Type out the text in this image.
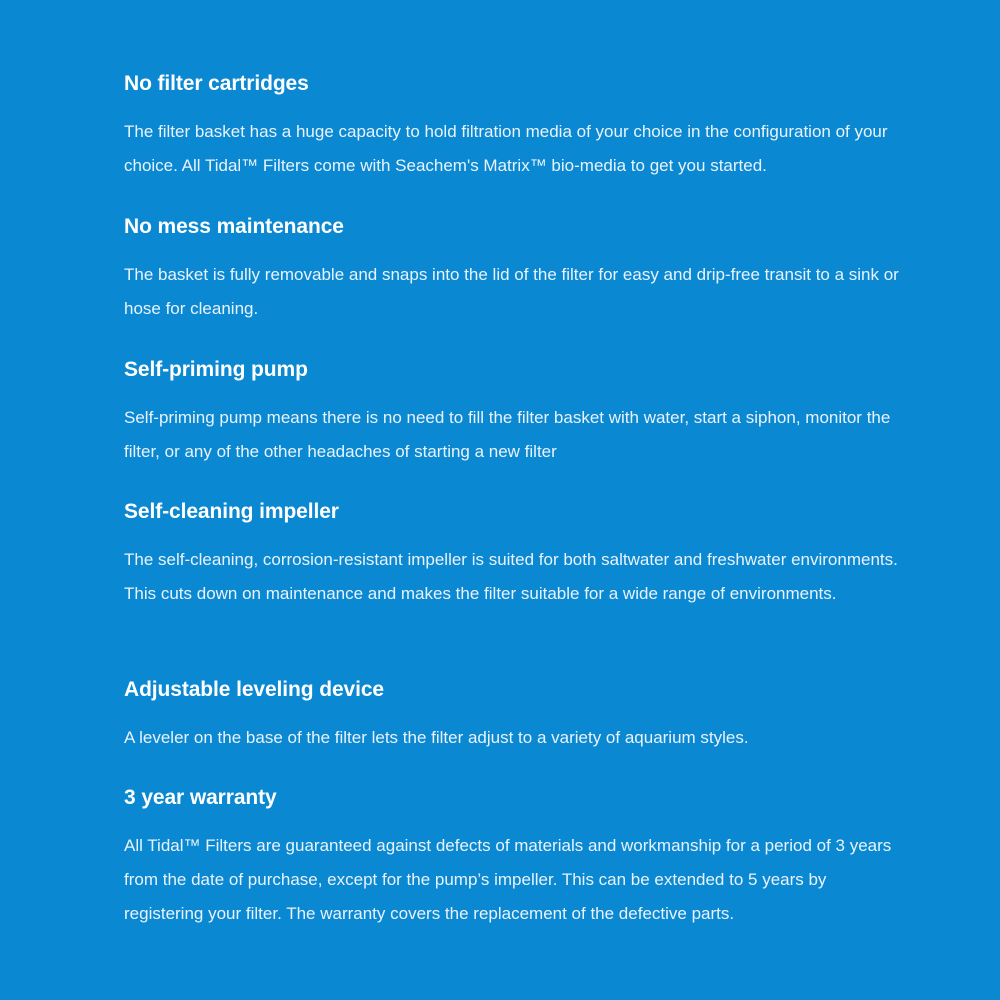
No filter cartridges

The filter basket has a huge capacity to hold filtration media of your choice in the configuration of your choice. All Tidal™ Filters come with Seachem's Matrix™ bio-media to get you started.

No mess maintenance

The basket is fully removable and snaps into the lid of the filter for easy and drip-free transit to a sink or hose for cleaning.

Self-priming pump

Self-priming pump means there is no need to fill the filter basket with water, start a siphon, monitor the filter, or any of the other headaches of starting a new filter

Self-cleaning impeller

The self-cleaning, corrosion-resistant impeller is suited for both saltwater and freshwater environments. This cuts down on maintenance and makes the filter suitable for a wide range of environments.

Adjustable leveling device

A leveler on the base of the filter lets the filter adjust to a variety of aquarium styles.

3 year warranty

All Tidal™ Filters are guaranteed against defects of materials and workmanship for a period of 3 years from the date of purchase, except for the pump’s impeller. This can be extended to 5 years by registering your filter. The warranty covers the replacement of the defective parts.
